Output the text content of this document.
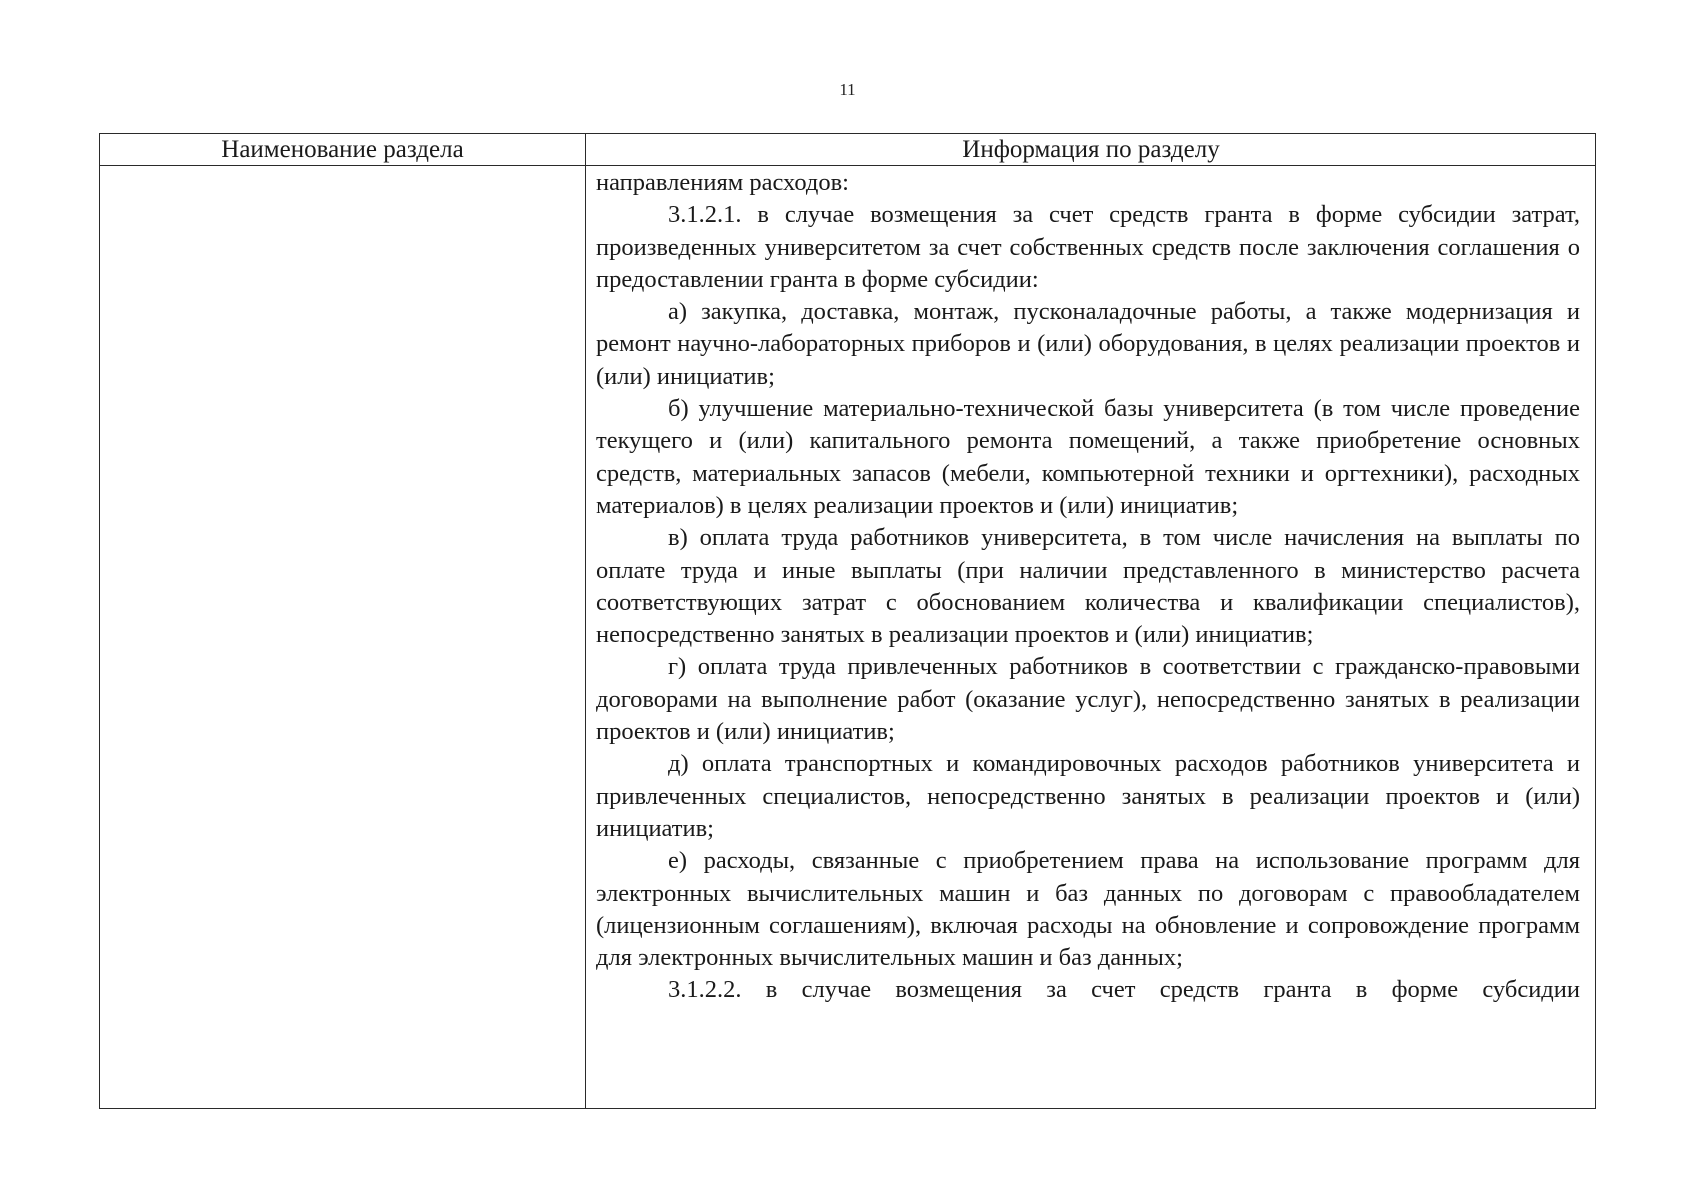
11
Наименование раздела	Информация по разделу

направлениям расходов:

3.1.2.1. в случае возмещения за счет средств гранта в форме субсидии затрат, произведенных университетом за счет собственных средств после заключения соглашения о предоставлении гранта в форме субсидии:

а) закупка, доставка, монтаж, пусконаладочные работы, а также модернизация и ремонт научно-лабораторных приборов и (или) оборудования, в целях реализации проектов и (или) инициатив;

б) улучшение материально-технической базы университета (в том числе проведение текущего и (или) капитального ремонта помещений, а также приобретение основных средств, материальных запасов (мебели, компьютерной техники и оргтехники), расходных материалов) в целях реализации проектов и (или) инициатив;

в) оплата труда работников университета, в том числе начисления на выплаты по оплате труда и иные выплаты (при наличии представленного в министерство расчета соответствующих затрат с обоснованием количества и квалификации специалистов), непосредственно занятых в реализации проектов и (или) инициатив;

г) оплата труда привлеченных работников в соответствии с гражданско-правовыми договорами на выполнение работ (оказание услуг), непосредственно занятых в реализации проектов и (или) инициатив;

д) оплата транспортных и командировочных расходов работников университета и привлеченных специалистов, непосредственно занятых в реализации проектов и (или) инициатив;

е) расходы, связанные с приобретением права на использование программ для электронных вычислительных машин и баз данных по договорам с правообладателем (лицензионным соглашениям), включая расходы на обновление и сопровождение программ для электронных вычислительных машин и баз данных;

3.1.2.2. в случае возмещения за счет средств гранта в форме субсидии
